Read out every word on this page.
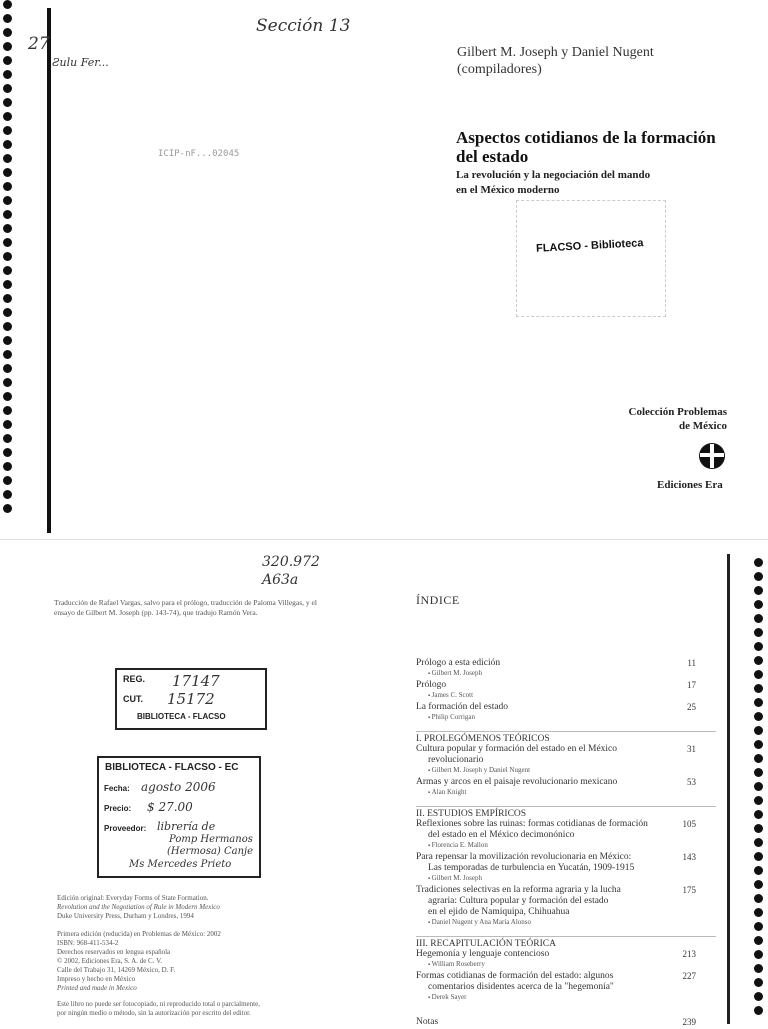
27
Ƨulu Fer...
Sección 13
ICIP-nF...02045
Gilbert M. Joseph y Daniel Nugent
(compiladores)
Aspectos cotidianos de la formación
del estado
La revolución y la negociación del mando
en el México moderno
FLACSO - Biblioteca
Colección Problemas
de México
Ediciones Era
320.972
A63a
Traducción de Rafael Vargas, salvo para el prólogo, traducción de Paloma Villegas, y el ensayo de Gilbert M. Joseph (pp. 143-74), que tradujo Ramón Vera.
REG. 17147
CUT. 15172
BIBLIOTECA - FLACSO
BIBLIOTECA - FLACSO - EC
Fecha: agosto 2006
Precio: $ 27.00
Proveedor: librería de
Pomp Hermanos
(Hermosa) Canje
Ms Mercedes Prieto
Edición original: Everyday Forms of State Formation.
Revolution and the Negotiation of Rule in Modern Mexico
Duke University Press, Durham y Londres, 1994
Primera edición (reducida) en Problemas de México: 2002
ISBN: 968-411-534-2
Derechos reservados en lengua española
© 2002, Ediciones Era, S. A. de C. V.
Calle del Trabajo 31, 14269 México, D. F.
Impreso y hecho en México
Printed and made in Mexico
Este libro no puede ser fotocopiado, ni reproducido total o parcialmente,
por ningún medio o método, sin la autorización por escrito del editor.
ÍNDICE
Prólogo a esta edición
▪ Gilbert M. Joseph
11
Prólogo
▪ James C. Scott
17
La formación del estado
▪ Philip Corrigan
25
I. PROLEGÓMENOS TEÓRICOS
Cultura popular y formación del estado en el México
revolucionario
▪ Gilbert M. Joseph y Daniel Nugent
31
Armas y arcos en el paisaje revolucionario mexicano
▪ Alan Knight
53
II. ESTUDIOS EMPÍRICOS
Reflexiones sobre las ruinas: formas cotidianas de formación
del estado en el México decimonónico
▪ Florencia E. Mallon
105
Para repensar la movilización revolucionaria en México:
Las temporadas de turbulencia en Yucatán, 1909-1915
▪ Gilbert M. Joseph
143
Tradiciones selectivas en la reforma agraria y la lucha
agraria: Cultura popular y formación del estado
en el ejido de Namiquipa, Chihuahua
▪ Daniel Nugent y Ana María Alonso
175
III. RECAPITULACIÓN TEÓRICA
Hegemonía y lenguaje contencioso
▪ William Roseberry
213
Formas cotidianas de formación del estado: algunos
comentarios disidentes acerca de la "hegemonía"
▪ Derek Sayer
227
Notas	239
